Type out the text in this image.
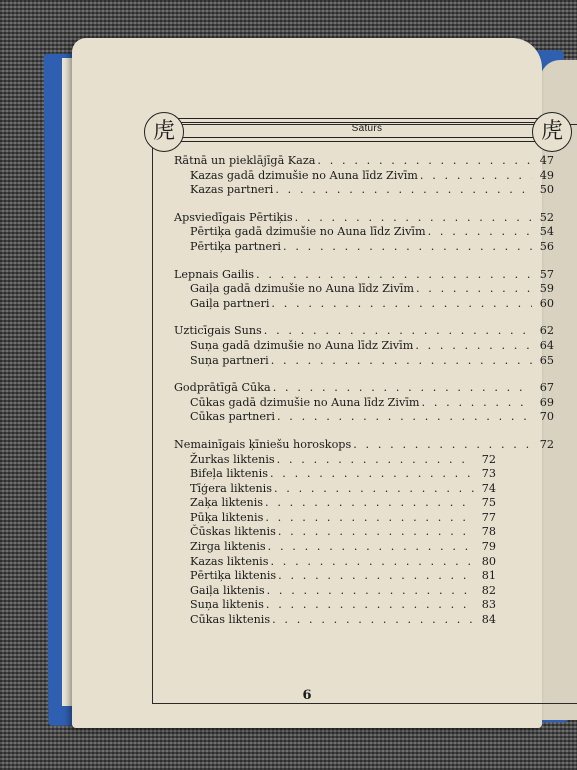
Saturs
虎	虎
Rātnā un pieklājīgā Kaza . . .	47
Kazas gadā dzimušie no Auna līdz Zivīm . . .	49
Kazas partneri . . .	50
Apsviedīgais Pērtiķis . . .	52
Pērtiķa gadā dzimušie no Auna līdz Zivīm . . .	54
Pērtiķa partneri . . .	56
Lepnais Gailis . . .	57
Gaiļa gadā dzimušie no Auna līdz Zivīm . . .	59
Gaiļa partneri . . .	60
Uzticīgais Suns . . .	62
Suņa gadā dzimušie no Auna līdz Zivīm . . .	64
Suņa partneri . . .	65
Godprātīgā Cūka . . .	67
Cūkas gadā dzimušie no Auna līdz Zivīm . . .	69
Cūkas partneri . . .	70
Nemainīgais ķīniešu horoskops . . .	72
Žurkas liktenis . . .	72
Bifeļa liktenis . . .	73
Tīģera liktenis . . .	74
Zaķa liktenis . . .	75
Pūķa liktenis . . .	77
Čūskas liktenis . . .	78
Zirga liktenis . . .	79
Kazas liktenis . . .	80
Pērtiķa liktenis . . .	81
Gaiļa liktenis . . .	82
Suņa liktenis . . .	83
Cūkas liktenis . . .	84
6
